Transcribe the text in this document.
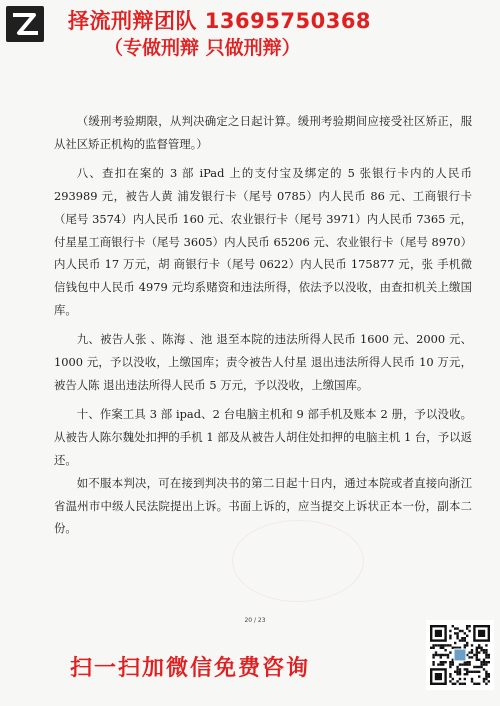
择流刑辩团队 13695750368
（专做刑辩 只做刑辩）

（缓刑考验期限，从判决确定之日起计算。缓刑考验期间应接受社区矫正，服从社区矫正机构的监督管理。）

八、查扣在案的 3 部 iPad 上的支付宝及绑定的 5 张银行卡内的人民币 293989 元，被告人黄 浦发银行卡（尾号 0785）内人民币 86 元、工商银行卡（尾号 3574）内人民币 160 元、农业银行卡（尾号 3971）内人民币 7365 元，付星星工商银行卡（尾号 3605）内人民币 65206 元、农业银行卡（尾号 8970）内人民币 17 万元，胡 商银行卡（尾号 0622）内人民币 175877 元，张 手机微信钱包中人民币 4979 元均系赌资和违法所得，依法予以没收，由查扣机关上缴国库。

九、被告人张 、陈海 、池 退至本院的违法所得人民币 1600 元、2000 元、1000 元，予以没收，上缴国库；责令被告人付星 退出违法所得人民币 10 万元，被告人陈 退出违法所得人民币 5 万元，予以没收，上缴国库。

十、作案工具 3 部 ipad、2 台电脑主机和 9 部手机及账本 2 册，予以没收。从被告人陈尔魏处扣押的手机 1 部及从被告人胡住处扣押的电脑主机 1 台，予以返还。

如不服本判决，可在接到判决书的第二日起十日内，通过本院或者直接向浙江省温州市中级人民法院提出上诉。书面上诉的，应当提交上诉状正本一份，副本二份。

20 / 23
扫一扫加微信免费咨询
